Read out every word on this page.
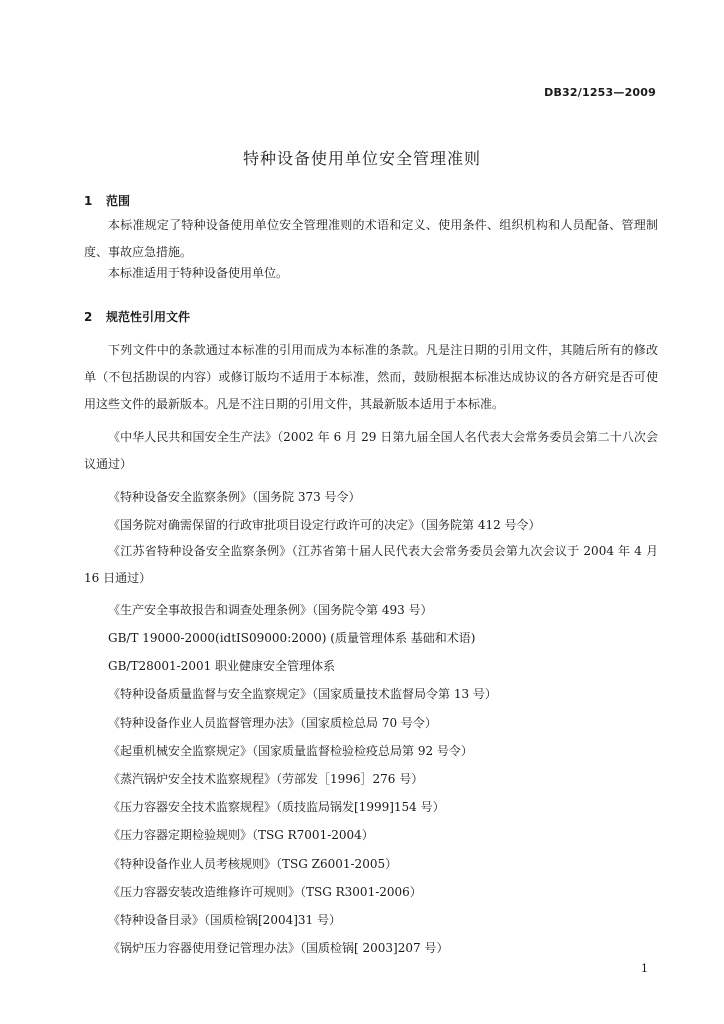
DB32/1253—2009
特种设备使用单位安全管理准则
1 范围

本标准规定了特种设备使用单位安全管理准则的术语和定义、使用条件、组织机构和人员配备、管理制度、事故应急措施。

本标准适用于特种设备使用单位。

2 规范性引用文件

下列文件中的条款通过本标准的引用而成为本标准的条款。凡是注日期的引用文件，其随后所有的修改单（不包括勘误的内容）或修订版均不适用于本标准，然而，鼓励根据本标准达成协议的各方研究是否可使用这些文件的最新版本。凡是不注日期的引用文件，其最新版本适用于本标准。

《中华人民共和国安全生产法》（2002 年 6 月 29 日第九届全国人名代表大会常务委员会第二十八次会议通过）

《特种设备安全监察条例》（国务院 373 号令）
《国务院对确需保留的行政审批项目设定行政许可的决定》（国务院第 412 号令）

《江苏省特种设备安全监察条例》（江苏省第十届人民代表大会常务委员会第九次会议于 2004 年 4 月 16 日通过）

《生产安全事故报告和调查处理条例》（国务院令第 493 号）
GB/T 19000-2000(idtIS09000:2000) (质量管理体系 基础和术语)
GB/T28001-2001 职业健康安全管理体系
《特种设备质量监督与安全监察规定》（国家质量技术监督局令第 13 号）
《特种设备作业人员监督管理办法》（国家质检总局 70 号令）
《起重机械安全监察规定》（国家质量监督检验检疫总局第 92 号令）
《蒸汽锅炉安全技术监察规程》（劳部发［1996］276 号）
《压力容器安全技术监察规程》（质技监局锅发[1999]154 号）
《压力容器定期检验规则》（TSG R7001-2004）
《特种设备作业人员考核规则》（TSG Z6001-2005）
《压力容器安装改造维修许可规则》（TSG R3001-2006）
《特种设备目录》（国质检锅[2004]31 号）
《锅炉压力容器使用登记管理办法》（国质检锅[ 2003]207 号）
1
